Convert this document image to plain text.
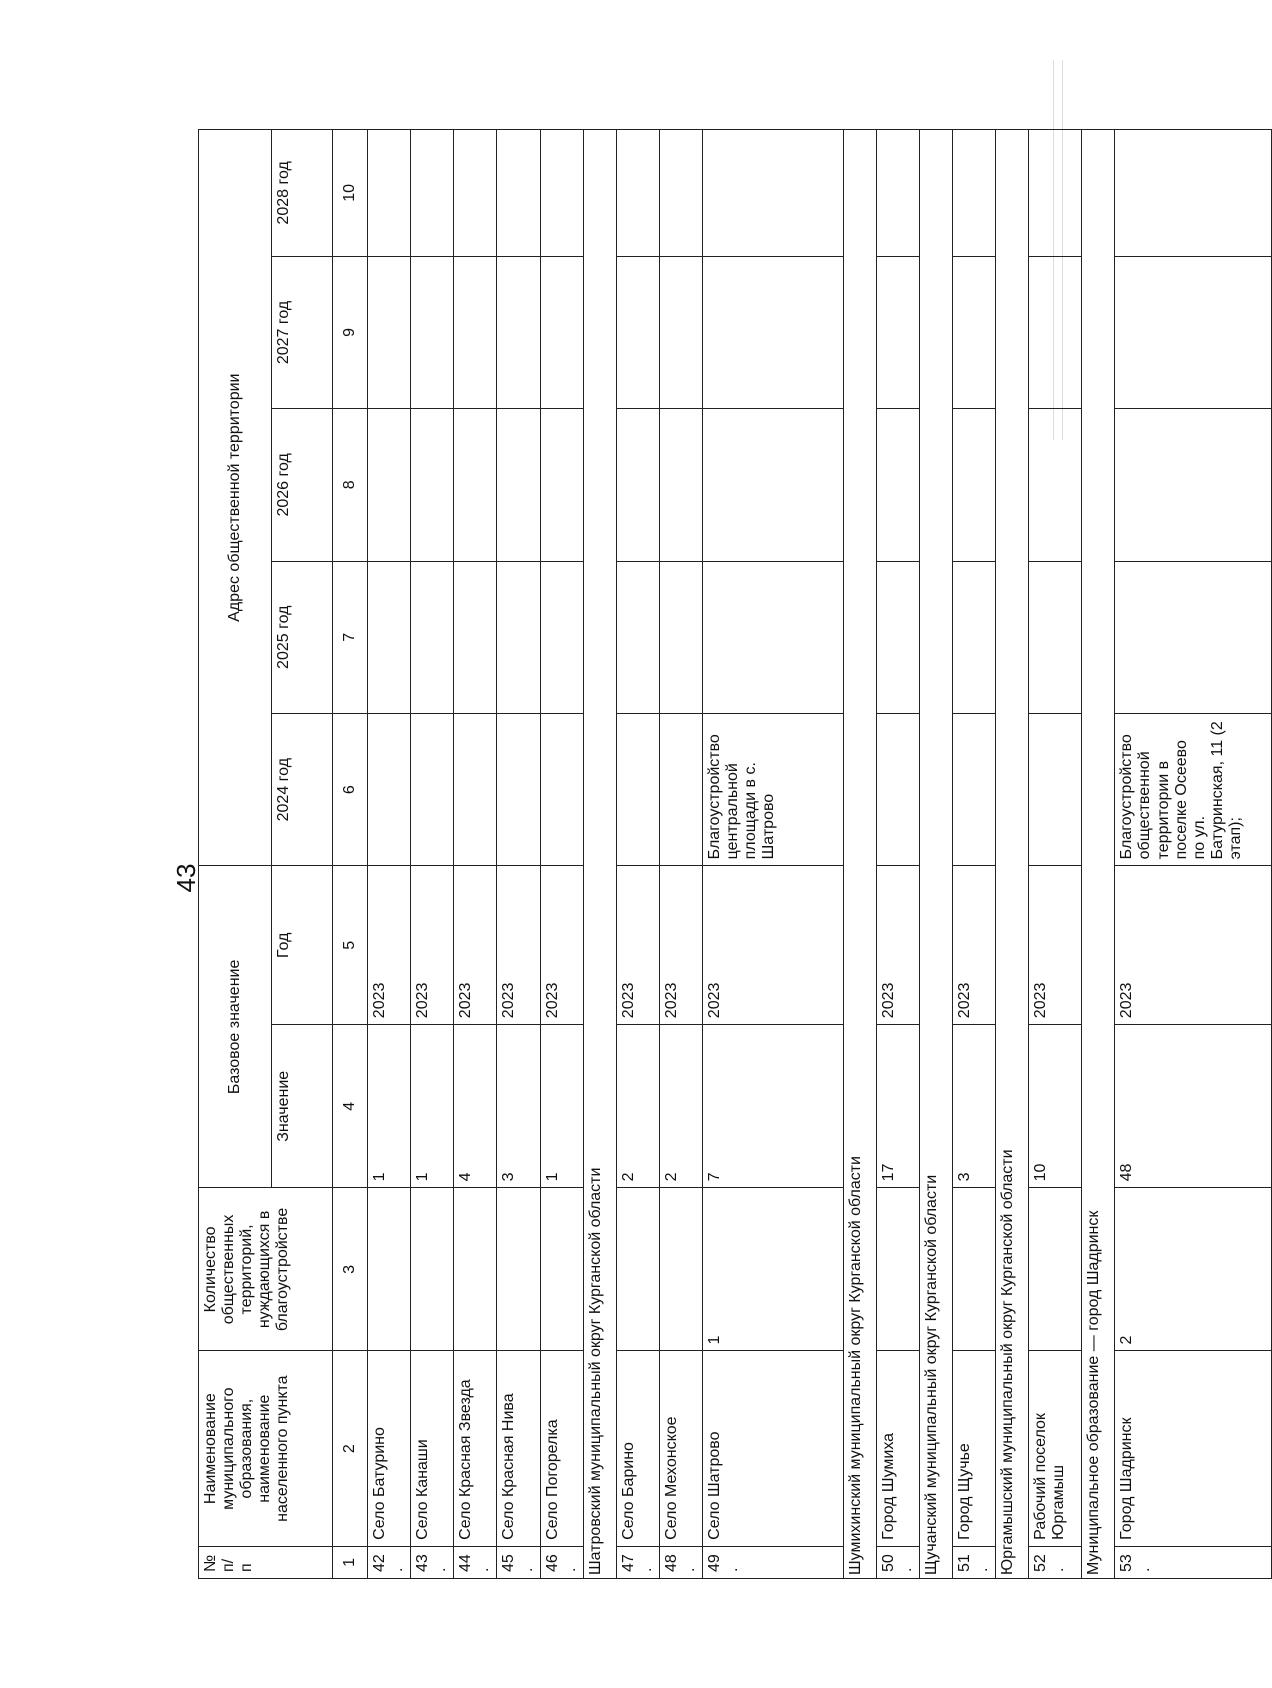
43
№ п/п	Наименование муниципального образования, наименование населенного пункта	Количество общественных территорий, нуждающихся в благоустройстве	Базовое значение		Адрес общественной территории				
			Значение	Год	2024 год	2025 год	2026 год	2027 год	2028 год
1	2	3	4	5	6	7	8	9	10
42.	Село Батурино		1	2023					
43.	Село Канаши		1	2023					
44.	Село Красная Звезда		4	2023					
45.	Село Красная Нива		3	2023					
46.	Село Погорелка		1	2023					
Шатровский муниципальный округ Курганской области									
47.	Село Барино		2	2023					
48.	Село Мехонское		2	2023					
49.	Село Шатрово	1	7	2023	Благоустройство центральной площади в с. Шатрово				
Шумихинский муниципальный округ Курганской области									
50.	Город Шумиха		17	2023					
Щучанский муниципальный округ Курганской области									
51.	Город Щучье		3	2023					
Юргамышский муниципальный округ Курганской области									
52.	Рабочий поселок Юргамыш		10	2023					
Муниципальное образование — город Шадринск									
53.	Город Шадринск	2	48	2023	Благоустройство общественной территории в поселке Осеево по ул. Батуринская, 11 (2 этап);				
